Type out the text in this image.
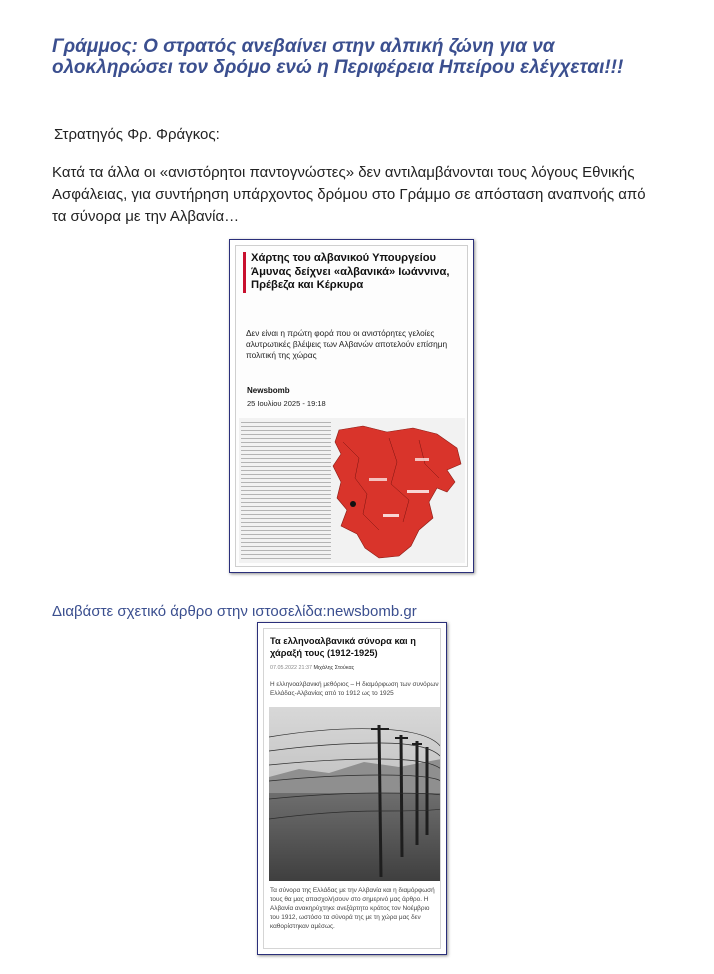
Γράμμος: Ο στρατός ανεβαίνει στην αλπική ζώνη για να ολοκληρώσει τον δρόμο ενώ η Περιφέρεια Ηπείρου ελέγχεται!!!
Στρατηγός Φρ. Φράγκος:

Κατά τα άλλα οι «ανιστόρητοι παντογνώστες» δεν αντιλαμβάνονται τους λόγους Εθνικής Ασφάλειας, για συντήρηση υπάρχοντος δρόμου στο Γράμμο σε απόσταση αναπνοής από τα σύνορα με την Αλβανία…

Χάρτης του αλβανικού Υπουργείου Άμυνας δείχνει «αλβανικά» Ιωάννινα, Πρέβεζα και Κέρκυρα
Δεν είναι η πρώτη φορά που οι ανιστόρητες γελοίες αλυτρωτικές βλέψεις των Αλβανών αποτελούν επίσημη πολιτική της χώρας
Newsbomb
25 Ιουλίου 2025 - 19:18
Διαβάστε σχετικό άρθρο στην ιστοσελίδα:newsbomb.gr
Τα ελληνοαλβανικά σύνορα και η χάραξή τους (1912-1925)
07.05.2022 21:37 Μιχάλης Στούκας
Η ελληνοαλβανική μεθόριος – Η διαμόρφωση των συνόρων Ελλάδας-Αλβανίας από το 1912 ως το 1925
Τα σύνορα της Ελλάδας με την Αλβανία και η διαμόρφωσή τους θα μας απασχολήσουν στο σημερινό μας άρθρο. Η Αλβανία ανακηρύχτηκε ανεξάρτητο κράτος τον Νοέμβριο του 1912, ωστόσο τα σύνορά της με τη χώρα μας δεν καθορίστηκαν αμέσως.
